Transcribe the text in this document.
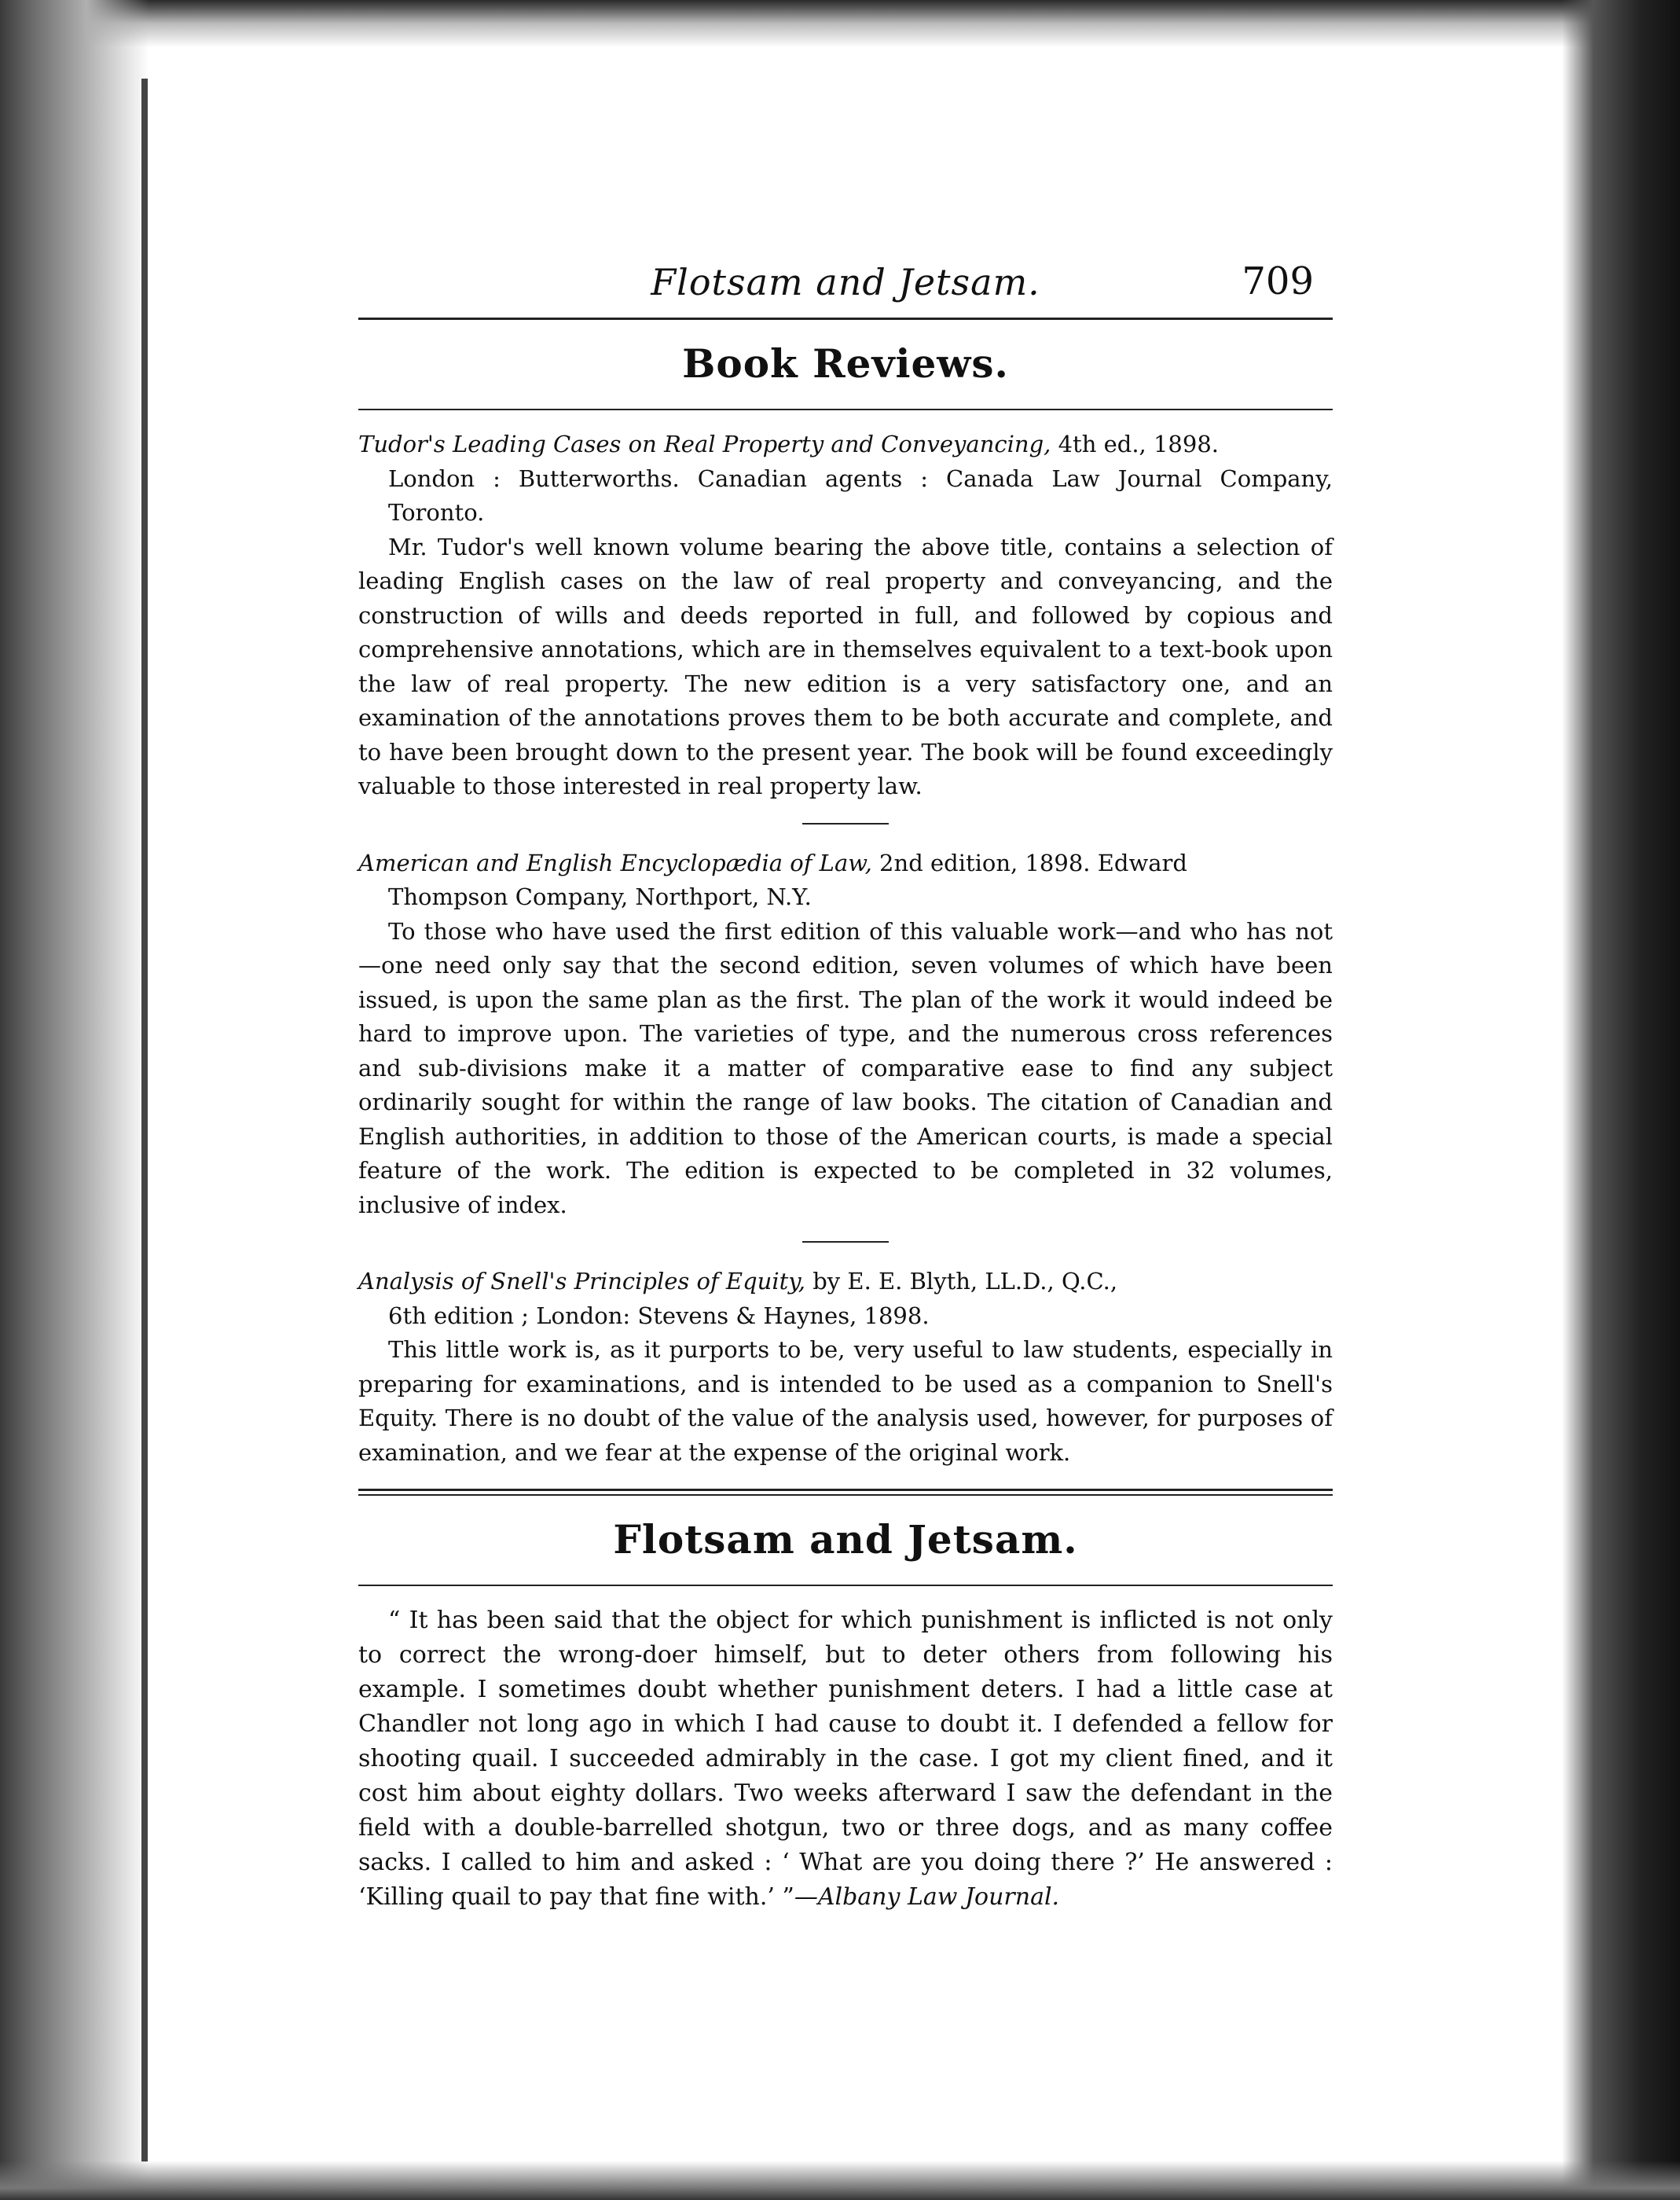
Flotsam and Jetsam.	709
Book Reviews.

Tudor's Leading Cases on Real Property and Conveyancing, 4th ed., 1898.

London : Butterworths. Canadian agents : Canada Law Journal Company, Toronto.

Mr. Tudor's well known volume bearing the above title, contains a selection of leading English cases on the law of real property and conveyancing, and the construction of wills and deeds reported in full, and followed by copious and comprehensive annotations, which are in themselves equivalent to a text-book upon the law of real property. The new edition is a very satisfactory one, and an examination of the annotations proves them to be both accurate and complete, and to have been brought down to the present year. The book will be found exceedingly valuable to those interested in real property law.

American and English Encyclopædia of Law, 2nd edition, 1898. Edward

Thompson Company, Northport, N.Y.

To those who have used the first edition of this valuable work—and who has not—one need only say that the second edition, seven volumes of which have been issued, is upon the same plan as the first. The plan of the work it would indeed be hard to improve upon. The varieties of type, and the numerous cross references and sub-divisions make it a matter of comparative ease to find any subject ordinarily sought for within the range of law books. The citation of Canadian and English authorities, in addition to those of the American courts, is made a special feature of the work. The edition is expected to be completed in 32 volumes, inclusive of index.

Analysis of Snell's Principles of Equity, by E. E. Blyth, LL.D., Q.C.,

6th edition ; London: Stevens & Haynes, 1898.

This little work is, as it purports to be, very useful to law students, especially in preparing for examinations, and is intended to be used as a companion to Snell's Equity. There is no doubt of the value of the analysis used, however, for purposes of examination, and we fear at the expense of the original work.

Flotsam and Jetsam.

“ It has been said that the object for which punishment is inflicted is not only to correct the wrong-doer himself, but to deter others from following his example. I sometimes doubt whether punishment deters. I had a little case at Chandler not long ago in which I had cause to doubt it. I defended a fellow for shooting quail. I succeeded admirably in the case. I got my client fined, and it cost him about eighty dollars. Two weeks afterward I saw the defendant in the field with a double-barrelled shotgun, two or three dogs, and as many coffee sacks. I called to him and asked : ‘ What are you doing there ?’ He answered : ‘Killing quail to pay that fine with.’ ”—Albany Law Journal.
